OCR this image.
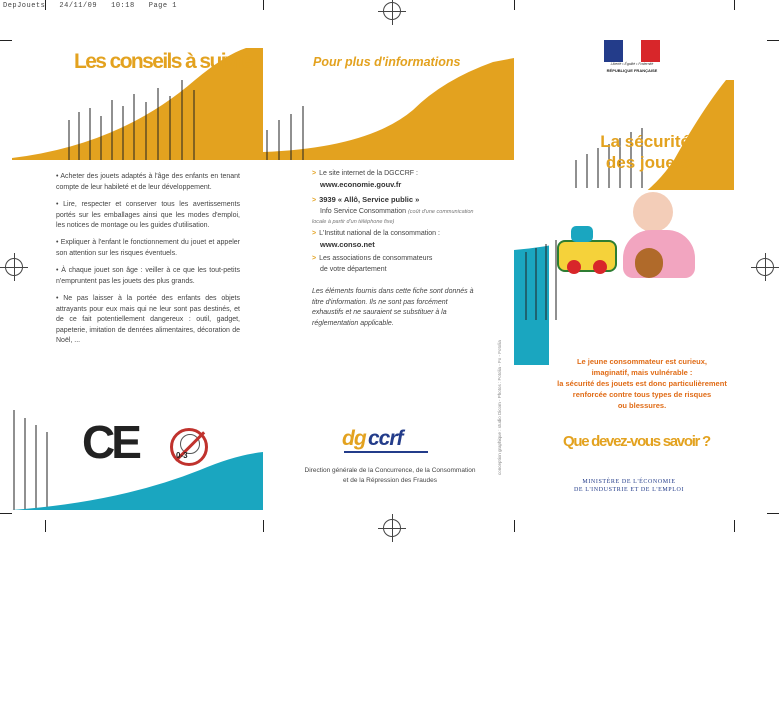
DepJouets 24/11/09 10:18 Page 1
Les conseils à suivre
• Acheter des jouets adaptés à l'âge des enfants en tenant compte de leur habileté et de leur développement.
• Lire, respecter et conserver tous les avertissements portés sur les emballages ainsi que les modes d'emploi, les notices de montage ou les guides d'utilisation.
• Expliquer à l'enfant le fonctionnement du jouet et appeler son attention sur les risques éventuels.
• À chaque jouet son âge : veiller à ce que les tout-petits n'empruntent pas les jouets des plus grands.
• Ne pas laisser à la portée des enfants des objets attrayants pour eux mais qui ne leur sont pas destinés, et de ce fait potentiellement dangereux : outil, gadget, papeterie, imitation de denrées alimentaires, décoration de Noël, ...
CE	0-3
Pour plus d'informations
> Le site internet de la DGCCRF :
www.economie.gouv.fr
> 3939 « Allô, Service public »
Info Service Consommation (coût d'une communication locale à partir d'un téléphone fixe)
> L'Institut national de la consommation :
www.conso.net
> Les associations de consommateurs
de votre département
Les éléments fournis dans cette fiche sont donnés à titre d'information. Ils ne sont pas forcément exhaustifs et ne sauraient se substituer à la réglementation applicable.
dg ccrf
Direction générale de la Concurrence, de la Consommation
et de la Répression des Fraudes
conception graphique : studio Dicom - Photos : Fotolia - Fo - Fotolia
Liberté • Égalité • Fraternité
RÉPUBLIQUE FRANÇAISE
La sécurité
des jouets
Le jeune consommateur est curieux,
imaginatif, mais vulnérable :
la sécurité des jouets est donc particulièrement
renforcée contre tous types de risques
ou blessures.
Que devez-vous savoir ?
MINISTÈRE DE L'ÉCONOMIE
DE L'INDUSTRIE ET DE L'EMPLOI
